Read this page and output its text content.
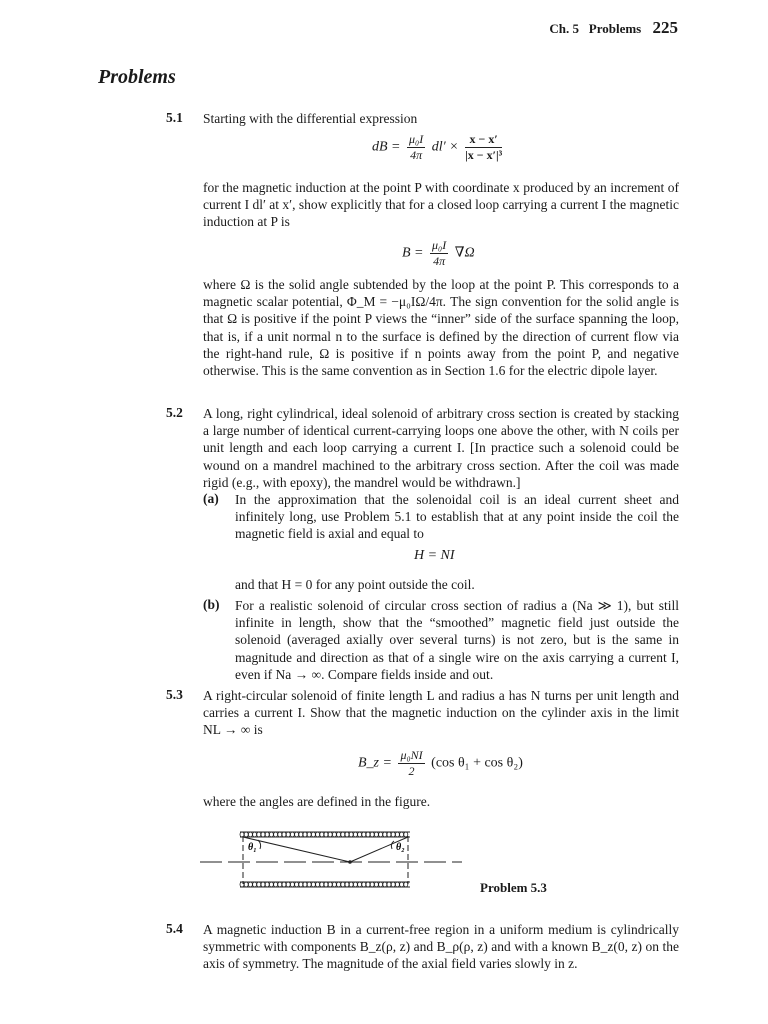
Ch. 5 Problems 225
Problems
5.1 Starting with the differential expression
dB = $\frac{\text{μ₀I}}{4\pi} dl' \times \frac{x - x'}{\text{|x − x′|³}}$
for the magnetic induction at the point P with coordinate x produced by an increment of current I dl′ at x′, show explicitly that for a closed loop carrying a current I the magnetic induction at P is
$B = \frac{\text{μ₀I}}{4\pi} \nabla\Omega$
where Ω is the solid angle subtended by the loop at the point P. This corresponds to a magnetic scalar potential, Φ_M = −μ₀IΩ/4π. The sign convention for the solid angle is that Ω is positive if the point P views the “inner” side of the surface spanning the loop, that is, if a unit normal n to the surface is defined by the direction of current flow via the right-hand rule, Ω is positive if n points away from the point P, and negative otherwise. This is the same convention as in Section 1.6 for the electric dipole layer.
5.2 A long, right cylindrical, ideal solenoid of arbitrary cross section is created by stacking a large number of identical current-carrying loops one above the other, with N coils per unit length and each loop carrying a current I. [In practice such a solenoid could be wound on a mandrel machined to the arbitrary cross section. After the coil was made rigid (e.g., with epoxy), the mandrel would be withdrawn.]
(a) In the approximation that the solenoidal coil is an ideal current sheet and infinitely long, use Problem 5.1 to establish that at any point inside the coil the magnetic field is axial and equal to
H = NI
and that H = 0 for any point outside the coil.
(b) For a realistic solenoid of circular cross section of radius a (Na ≫ 1), but still infinite in length, show that the “smoothed” magnetic field just outside the solenoid (averaged axially over several turns) is not zero, but is the same in magnitude and direction as that of a single wire on the axis carrying a current I, even if Na → ∞. Compare fields inside and out.
5.3 A right-circular solenoid of finite length L and radius a has N turns per unit length and carries a current I. Show that the magnetic induction on the cylinder axis in the limit NL → ∞ is
B_z = $\frac{\text{μ₀NI}}{2} (\cos$ θ₁ + cos θ₂)
where the angles are defined in the figure.
θ₁	θ₂
Problem 5.3
5.4 A magnetic induction B in a current-free region in a uniform medium is cylindrically symmetric with components B_z(ρ, z) and B_ρ(ρ, z) and with a known B_z(0, z) on the axis of symmetry. The magnitude of the axial field varies slowly in z.
